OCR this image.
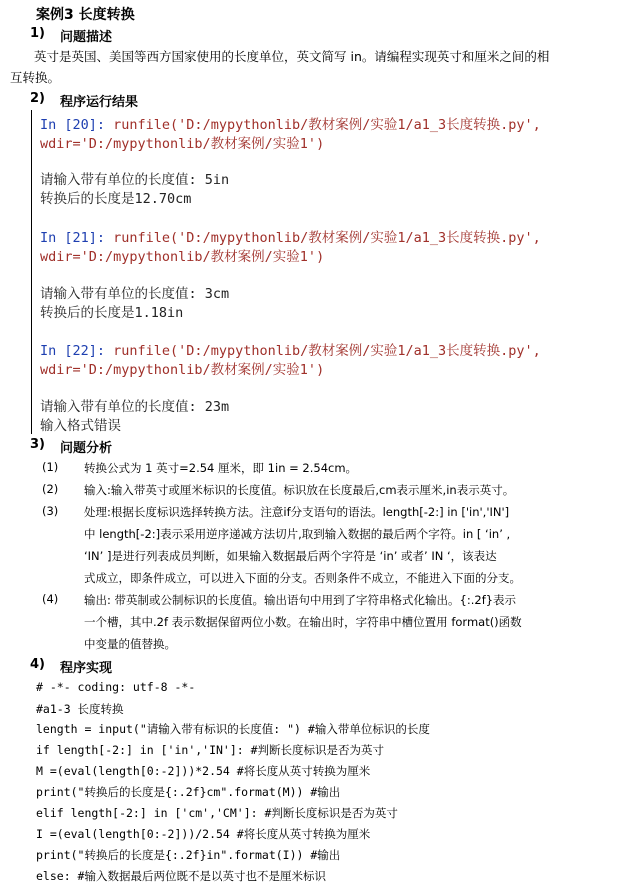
案例3 长度转换
1) 问题描述
英寸是英国、美国等西方国家使用的长度单位，英文简写 in。请编程实现英寸和厘米之间的相
互转换。
2) 程序运行结果
In [20]: runfile('D:/mypythonlib/教材案例/实验1/a1_3长度转换.py',
wdir='D:/mypythonlib/教材案例/实验1')
请输入带有单位的长度值: 5in
转换后的长度是12.70cm
In [21]: runfile('D:/mypythonlib/教材案例/实验1/a1_3长度转换.py',
wdir='D:/mypythonlib/教材案例/实验1')
请输入带有单位的长度值: 3cm
转换后的长度是1.18in
In [22]: runfile('D:/mypythonlib/教材案例/实验1/a1_3长度转换.py',
wdir='D:/mypythonlib/教材案例/实验1')
请输入带有单位的长度值: 23m
输入格式错误
3) 问题分析
(1) 转换公式为 1 英寸=2.54 厘米，即 1in = 2.54cm。
(2) 输入:输入带英寸或厘米标识的长度值。标识放在长度最后,cm表示厘米,in表示英寸。
(3) 处理:根据长度标识选择转换方法。注意if分支语句的语法。length[-2:] in ['in','IN']
中 length[-2:]表示采用逆序递减方法切片,取到输入数据的最后两个字符。in [ ‘in’ ,
‘IN’ ]是进行列表成员判断，如果输入数据最后两个字符是 ‘in’ 或者’ IN ‘，该表达
式成立，即条件成立，可以进入下面的分支。否则条件不成立，不能进入下面的分支。
(4) 输出: 带英制或公制标识的长度值。输出语句中用到了字符串格式化输出。{:.2f}表示
一个槽，其中.2f 表示数据保留两位小数。在输出时，字符串中槽位置用 format()函数
中变量的值替换。
4) 程序实现
# -*- coding: utf-8 -*-
#a1-3 长度转换
length = input("请输入带有标识的长度值: ") #输入带单位标识的长度
if length[-2:] in ['in','IN']: #判断长度标识是否为英寸
M =(eval(length[0:-2]))*2.54 #将长度从英寸转换为厘米
print("转换后的长度是{:.2f}cm".format(M)) #输出
elif length[-2:] in ['cm','CM']: #判断长度标识是否为英寸
I =(eval(length[0:-2]))/2.54 #将长度从英寸转换为厘米
print("转换后的长度是{:.2f}in".format(I)) #输出
else: #输入数据最后两位既不是以英寸也不是厘米标识
